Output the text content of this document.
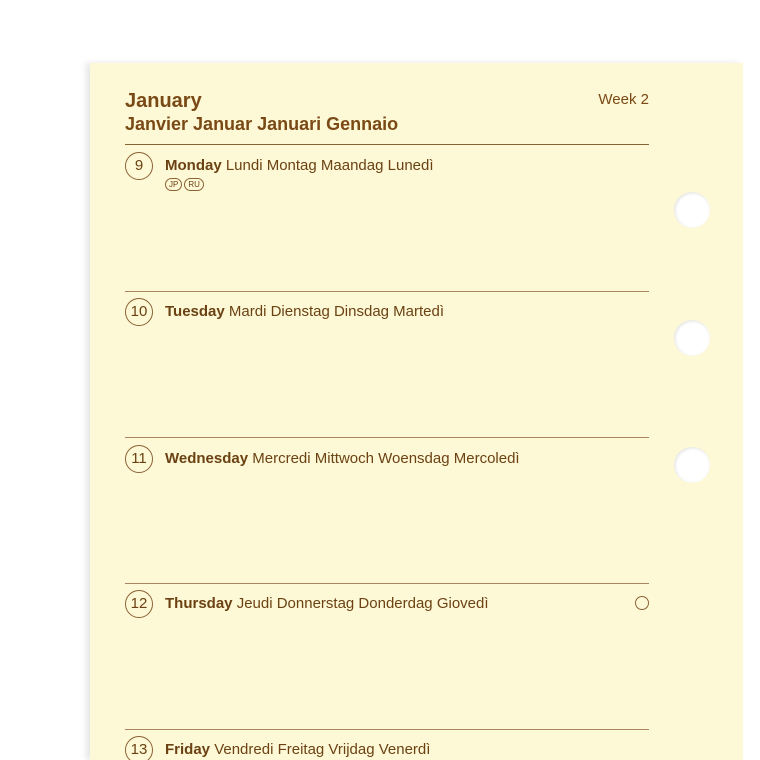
January
Janvier Januar Januari Gennaio
Week 2
9	Monday Lundi Montag Maandag Lunedì
JP	RU
10	Tuesday Mardi Dienstag Dinsdag Martedì
11	Wednesday Mercredi Mittwoch Woensdag Mercoledì
12	Thursday Jeudi Donnerstag Donderdag Giovedì
13	Friday Vendredi Freitag Vrijdag Venerdì
